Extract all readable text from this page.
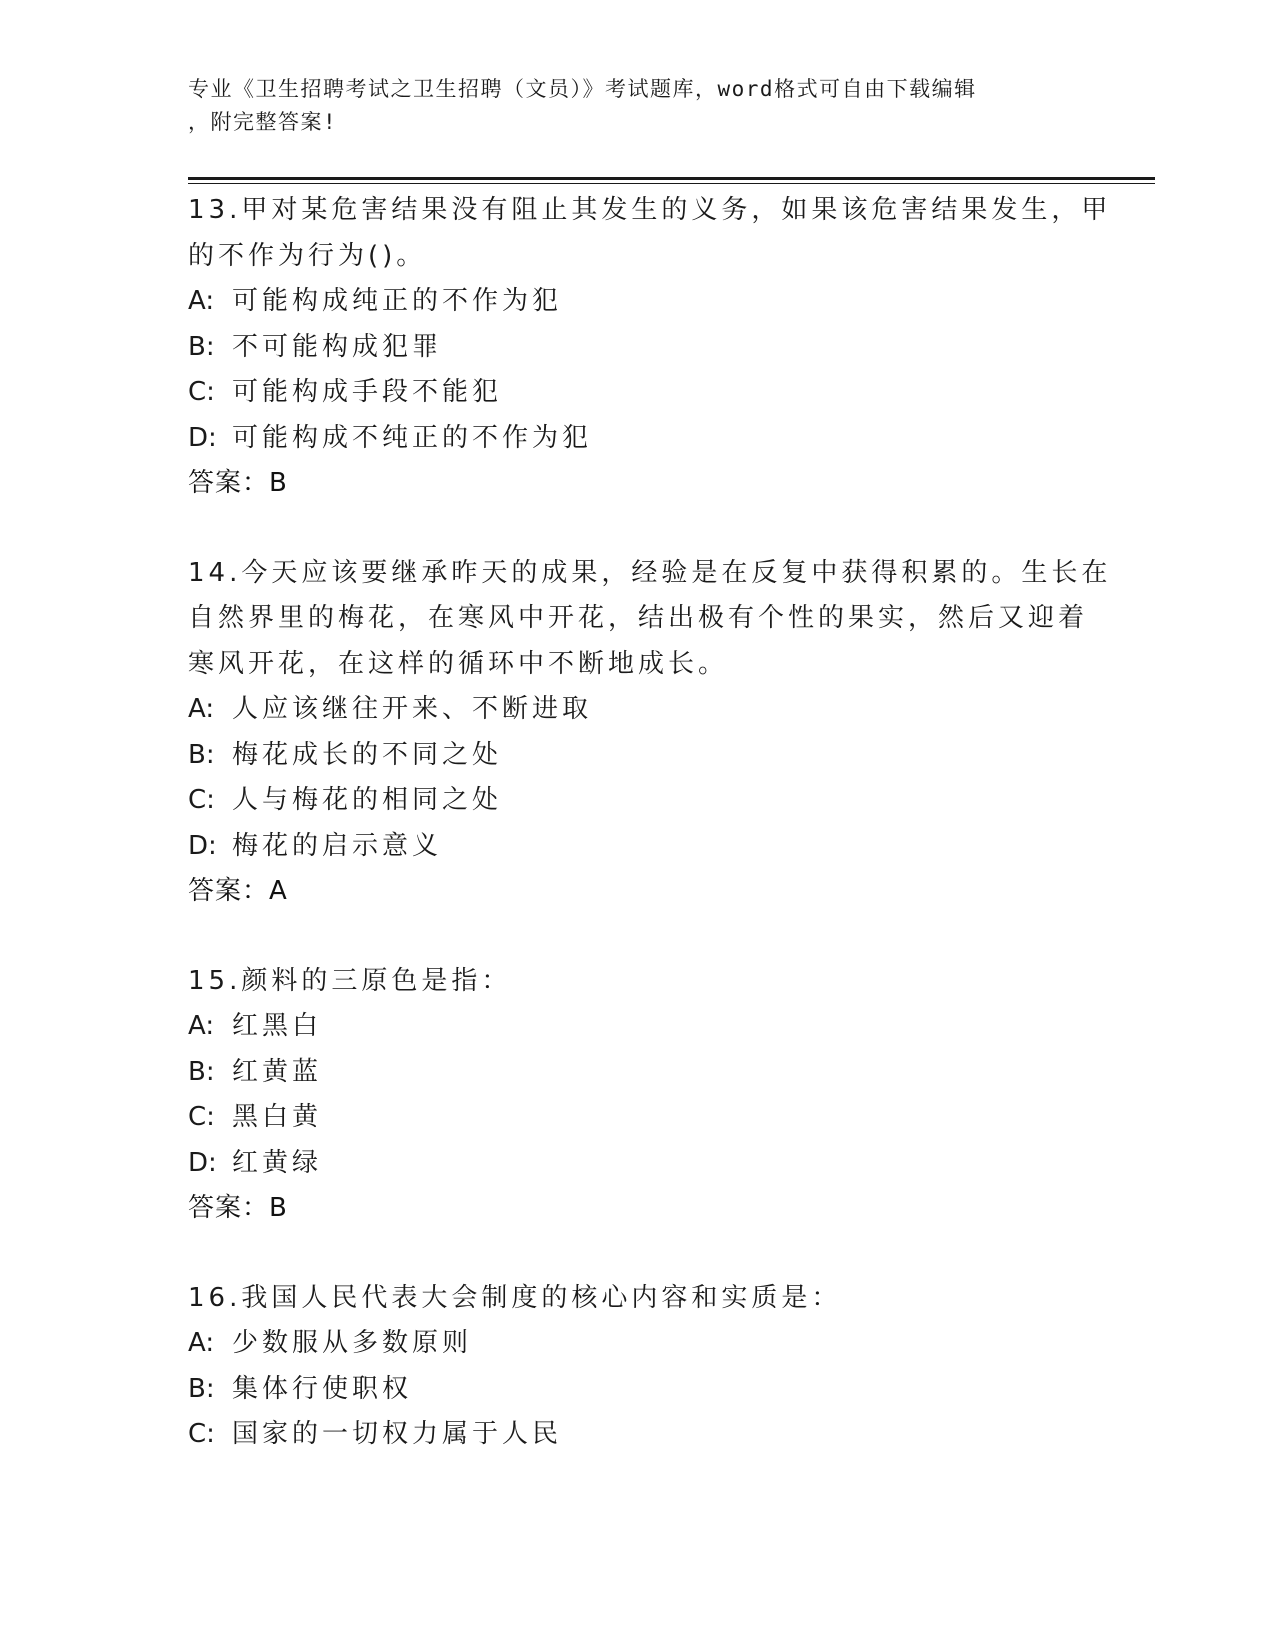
专业《卫生招聘考试之卫生招聘（文员）》考试题库，word格式可自由下载编辑
，附完整答案!
13.甲对某危害结果没有阻止其发生的义务，如果该危害结果发生，甲
的不作为行为()。
A: 可能构成纯正的不作为犯
B: 不可能构成犯罪
C: 可能构成手段不能犯
D: 可能构成不纯正的不作为犯
答案：B
14.今天应该要继承昨天的成果，经验是在反复中获得积累的。生长在
自然界里的梅花，在寒风中开花，结出极有个性的果实，然后又迎着
寒风开花，在这样的循环中不断地成长。
A: 人应该继往开来、不断进取
B: 梅花成长的不同之处
C: 人与梅花的相同之处
D: 梅花的启示意义
答案：A
15.颜料的三原色是指：
A: 红黑白
B: 红黄蓝
C: 黑白黄
D: 红黄绿
答案：B
16.我国人民代表大会制度的核心内容和实质是：
A: 少数服从多数原则
B: 集体行使职权
C: 国家的一切权力属于人民
